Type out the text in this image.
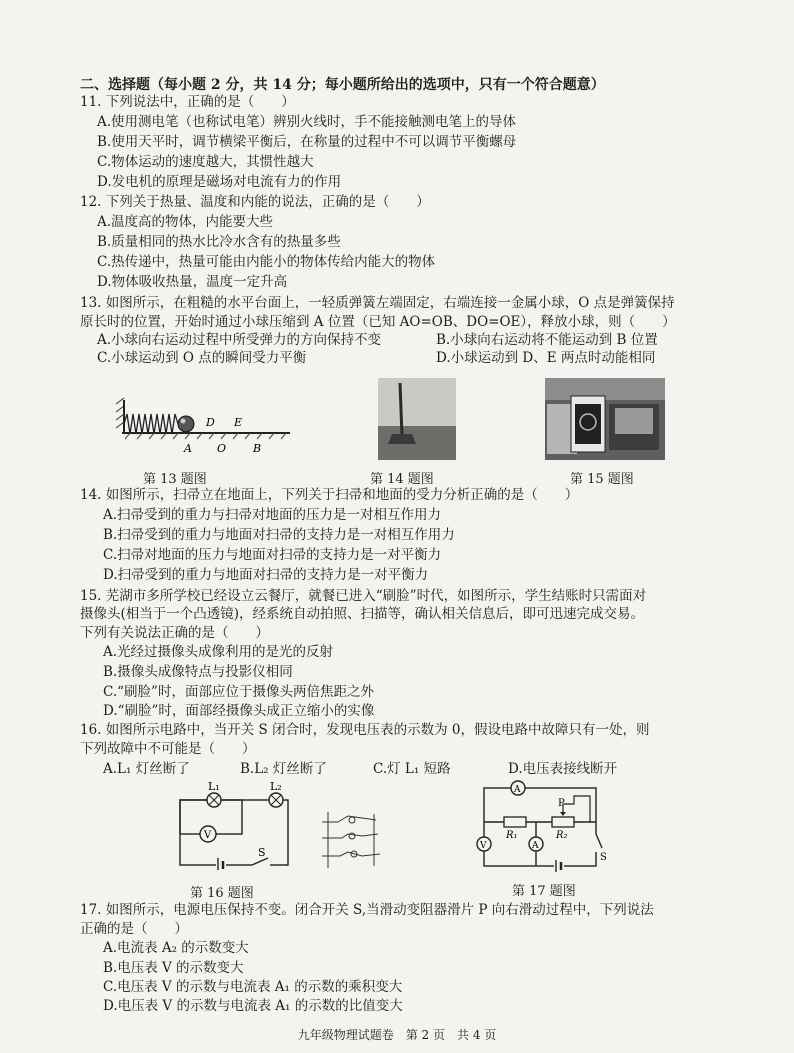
二、选择题（每小题 2 分，共 14 分；每小题所给出的选项中，只有一个符合题意）
11. 下列说法中，正确的是（　　）
A.使用测电笔（也称试电笔）辨别火线时，手不能接触测电笔上的导体
B.使用天平时，调节横梁平衡后，在称量的过程中不可以调节平衡螺母
C.物体运动的速度越大，其惯性越大
D.发电机的原理是磁场对电流有力的作用
12. 下列关于热量、温度和内能的说法，正确的是（　　）
A.温度高的物体，内能要大些
B.质量相同的热水比冷水含有的热量多些
C.热传递中，热量可能由内能小的物体传给内能大的物体
D.物体吸收热量，温度一定升高
13. 如图所示，在粗糙的水平台面上，一轻质弹簧左端固定，右端连接一金属小球，O 点是弹簧保持
原长时的位置，开始时通过小球压缩到 A 位置（已知 AO=OB、DO=OE），释放小球，则（　　）
A.小球向右运动过程中所受弹力的方向保持不变	B.小球向右运动将不能运动到 B 位置
C.小球运动到 O 点的瞬间受力平衡	D.小球运动到 D、E 两点时动能相同
D E
A O B
第 13 题图	第 14 题图	第 15 题图
14. 如图所示，扫帚立在地面上，下列关于扫帚和地面的受力分析正确的是（　　）
A.扫帚受到的重力与扫帚对地面的压力是一对相互作用力
B.扫帚受到的重力与地面对扫帚的支持力是一对相互作用力
C.扫帚对地面的压力与地面对扫帚的支持力是一对平衡力
D.扫帚受到的重力与地面对扫帚的支持力是一对平衡力
15. 芜湖市多所学校已经设立云餐厅，就餐已进入“刷脸”时代，如图所示，学生结账时只需面对
摄像头(相当于一个凸透镜)，经系统自动拍照、扫描等，确认相关信息后，即可迅速完成交易。
下列有关说法正确的是（　　）
A.光经过摄像头成像利用的是光的反射
B.摄像头成像特点与投影仪相同
C.“刷脸”时，面部应位于摄像头两倍焦距之外
D.“刷脸”时，面部经摄像头成正立缩小的实像
16. 如图所示电路中，当开关 S 闭合时，发现电压表的示数为 0，假设电路中故障只有一处，则
下列故障中不可能是（　　）
A.L₁ 灯丝断了	B.L₂ 灯丝断了	C.灯 L₁ 短路	D.电压表接线断开
V
L₁	L₂
S
A
P
R₁	R₂
V	A
S
第 16 题图	第 17 题图
17. 如图所示，电源电压保持不变。闭合开关 S,当滑动变阻器滑片 P 向右滑动过程中，下列说法
正确的是（　　）
A.电流表 A₂ 的示数变大
B.电压表 V 的示数变大
C.电压表 V 的示数与电流表 A₁ 的示数的乘积变大
D.电压表 V 的示数与电流表 A₁ 的示数的比值变大
九年级物理试题卷　第 2 页　共 4 页
